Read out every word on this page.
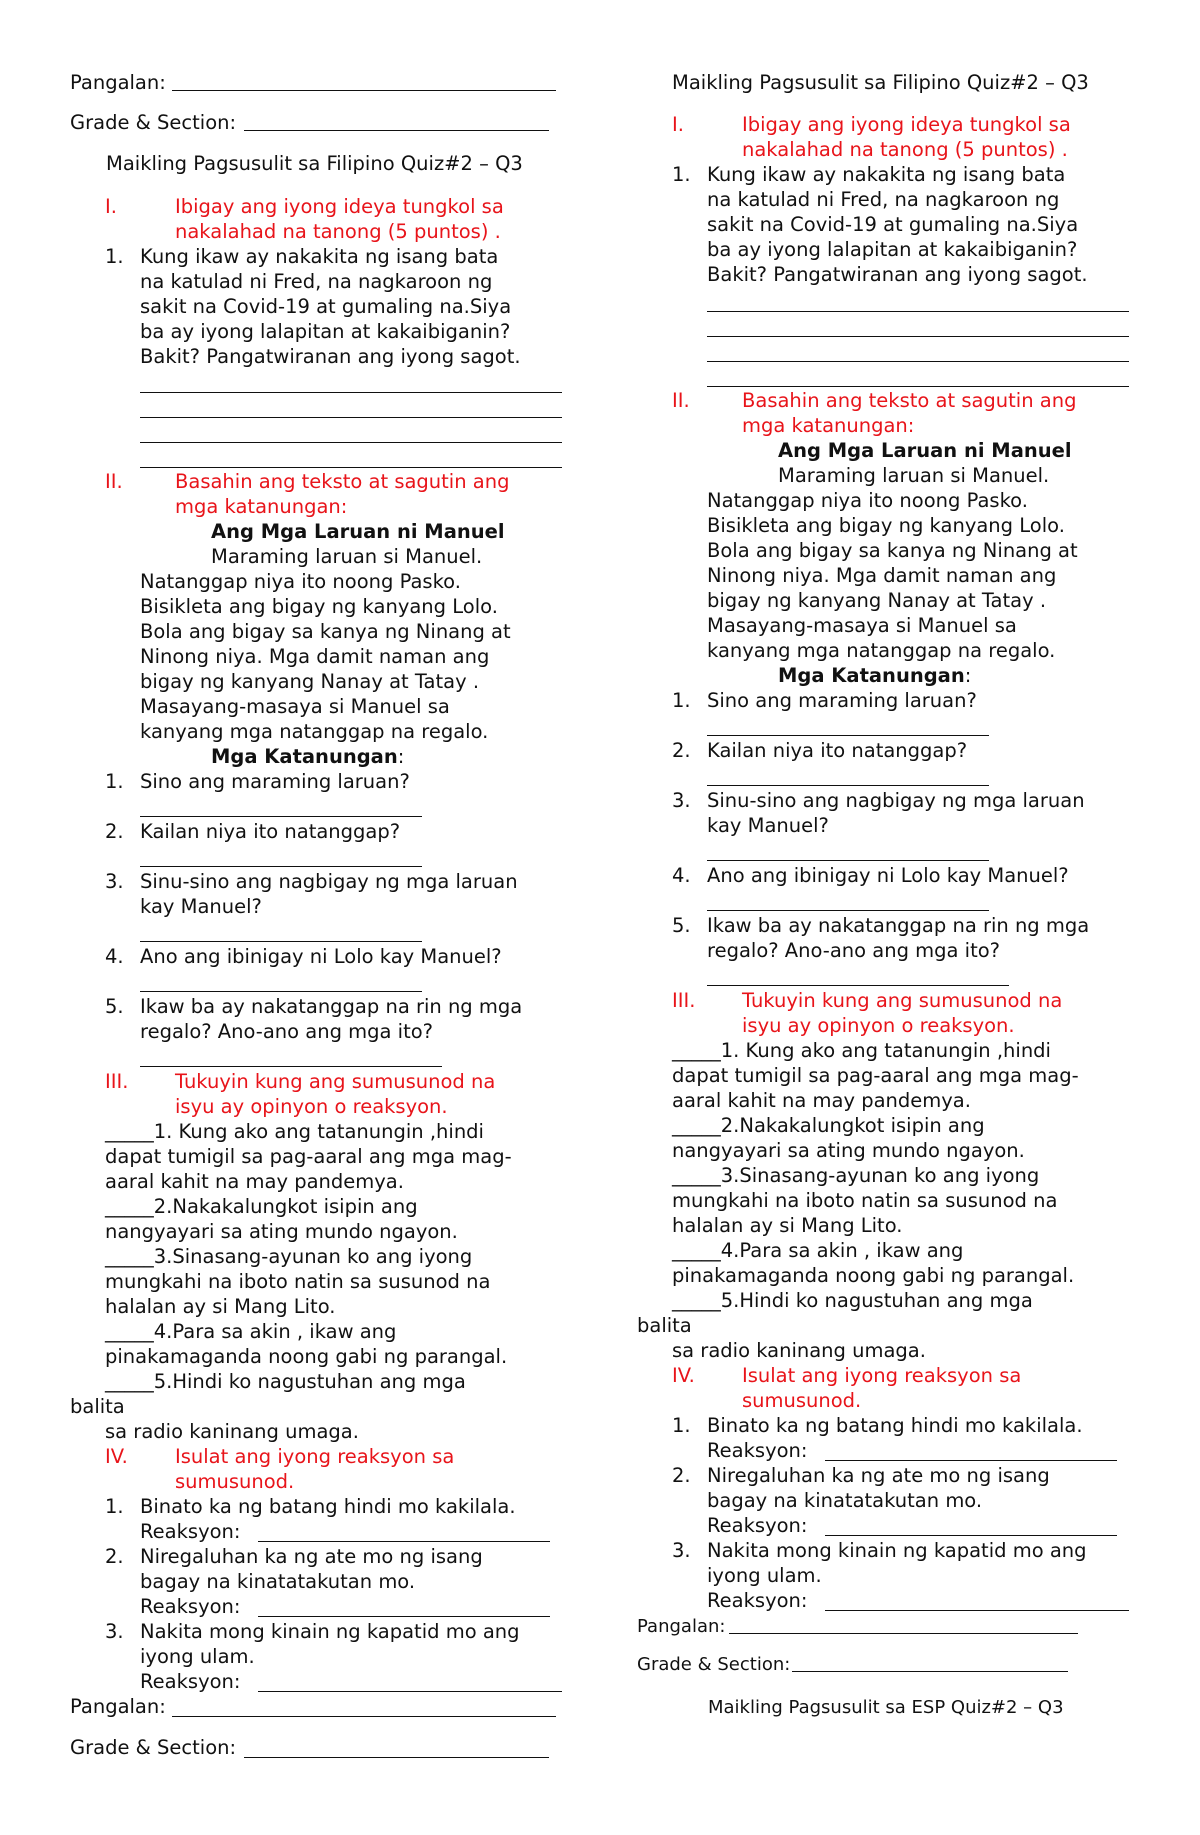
Pangalan:
Grade & Section:
Maikling Pagsusulit sa Filipino Quiz#2 – Q3
I.	Ibigay ang iyong ideya tungkol sa
nakalahad na tanong (5 puntos) .
1. Kung ikaw ay nakakita ng isang bata
na katulad ni Fred, na nagkaroon ng
sakit na Covid-19 at gumaling na.Siya
ba ay iyong lalapitan at kakaibiganin?
Bakit? Pangatwiranan ang iyong sagot.
II.	Basahin ang teksto at sagutin ang
mga katanungan:
Ang Mga Laruan ni Manuel
Maraming laruan si Manuel.
Natanggap niya ito noong Pasko.
Bisikleta ang bigay ng kanyang Lolo.
Bola ang bigay sa kanya ng Ninang at
Ninong niya. Mga damit naman ang
bigay ng kanyang Nanay at Tatay .
Masayang-masaya si Manuel sa
kanyang mga natanggap na regalo.
Mga Katanungan:
1. Sino ang maraming laruan?
2. Kailan niya ito natanggap?
3. Sinu-sino ang nagbigay ng mga laruan
kay Manuel?
4. Ano ang ibinigay ni Lolo kay Manuel?
5. Ikaw ba ay nakatanggap na rin ng mga
regalo? Ano-ano ang mga ito?
III. Tukuyin kung ang sumusunod na
isyu ay opinyon o reaksyon.
_____1. Kung ako ang tatanungin ,hindi
dapat tumigil sa pag-aaral ang mga mag-
aaral kahit na may pandemya.
_____2.Nakakalungkot isipin ang
nangyayari sa ating mundo ngayon.
_____3.Sinasang-ayunan ko ang iyong
mungkahi na iboto natin sa susunod na
halalan ay si Mang Lito.
_____4.Para sa akin , ikaw ang
pinakamaganda noong gabi ng parangal.
_____5.Hindi ko nagustuhan ang mga
balita
sa radio kaninang umaga.
IV. Isulat ang iyong reaksyon sa
sumusunod.
1. Binato ka ng batang hindi mo kakilala.
Reaksyon:
2. Niregaluhan ka ng ate mo ng isang
bagay na kinatatakutan mo.
Reaksyon:
3. Nakita mong kinain ng kapatid mo ang
iyong ulam.
Reaksyon:
Pangalan:
Grade & Section:
Maikling Pagsusulit sa Filipino Quiz#2 – Q3
I.	Ibigay ang iyong ideya tungkol sa
nakalahad na tanong (5 puntos) .
1. Kung ikaw ay nakakita ng isang bata
na katulad ni Fred, na nagkaroon ng
sakit na Covid-19 at gumaling na.Siya
ba ay iyong lalapitan at kakaibiganin?
Bakit? Pangatwiranan ang iyong sagot.
II.	Basahin ang teksto at sagutin ang
mga katanungan:
Ang Mga Laruan ni Manuel
Maraming laruan si Manuel.
Natanggap niya ito noong Pasko.
Bisikleta ang bigay ng kanyang Lolo.
Bola ang bigay sa kanya ng Ninang at
Ninong niya. Mga damit naman ang
bigay ng kanyang Nanay at Tatay .
Masayang-masaya si Manuel sa
kanyang mga natanggap na regalo.
Mga Katanungan:
1. Sino ang maraming laruan?
2. Kailan niya ito natanggap?
3. Sinu-sino ang nagbigay ng mga laruan
kay Manuel?
4. Ano ang ibinigay ni Lolo kay Manuel?
5. Ikaw ba ay nakatanggap na rin ng mga
regalo? Ano-ano ang mga ito?
III. Tukuyin kung ang sumusunod na
isyu ay opinyon o reaksyon.
_____1. Kung ako ang tatanungin ,hindi
dapat tumigil sa pag-aaral ang mga mag-
aaral kahit na may pandemya.
_____2.Nakakalungkot isipin ang
nangyayari sa ating mundo ngayon.
_____3.Sinasang-ayunan ko ang iyong
mungkahi na iboto natin sa susunod na
halalan ay si Mang Lito.
_____4.Para sa akin , ikaw ang
pinakamaganda noong gabi ng parangal.
_____5.Hindi ko nagustuhan ang mga
balita
sa radio kaninang umaga.
IV. Isulat ang iyong reaksyon sa
sumusunod.
1. Binato ka ng batang hindi mo kakilala.
Reaksyon:
2. Niregaluhan ka ng ate mo ng isang
bagay na kinatatakutan mo.
Reaksyon:
3. Nakita mong kinain ng kapatid mo ang
iyong ulam.
Reaksyon:
Pangalan:
Grade & Section:
Maikling Pagsusulit sa ESP Quiz#2 – Q3
